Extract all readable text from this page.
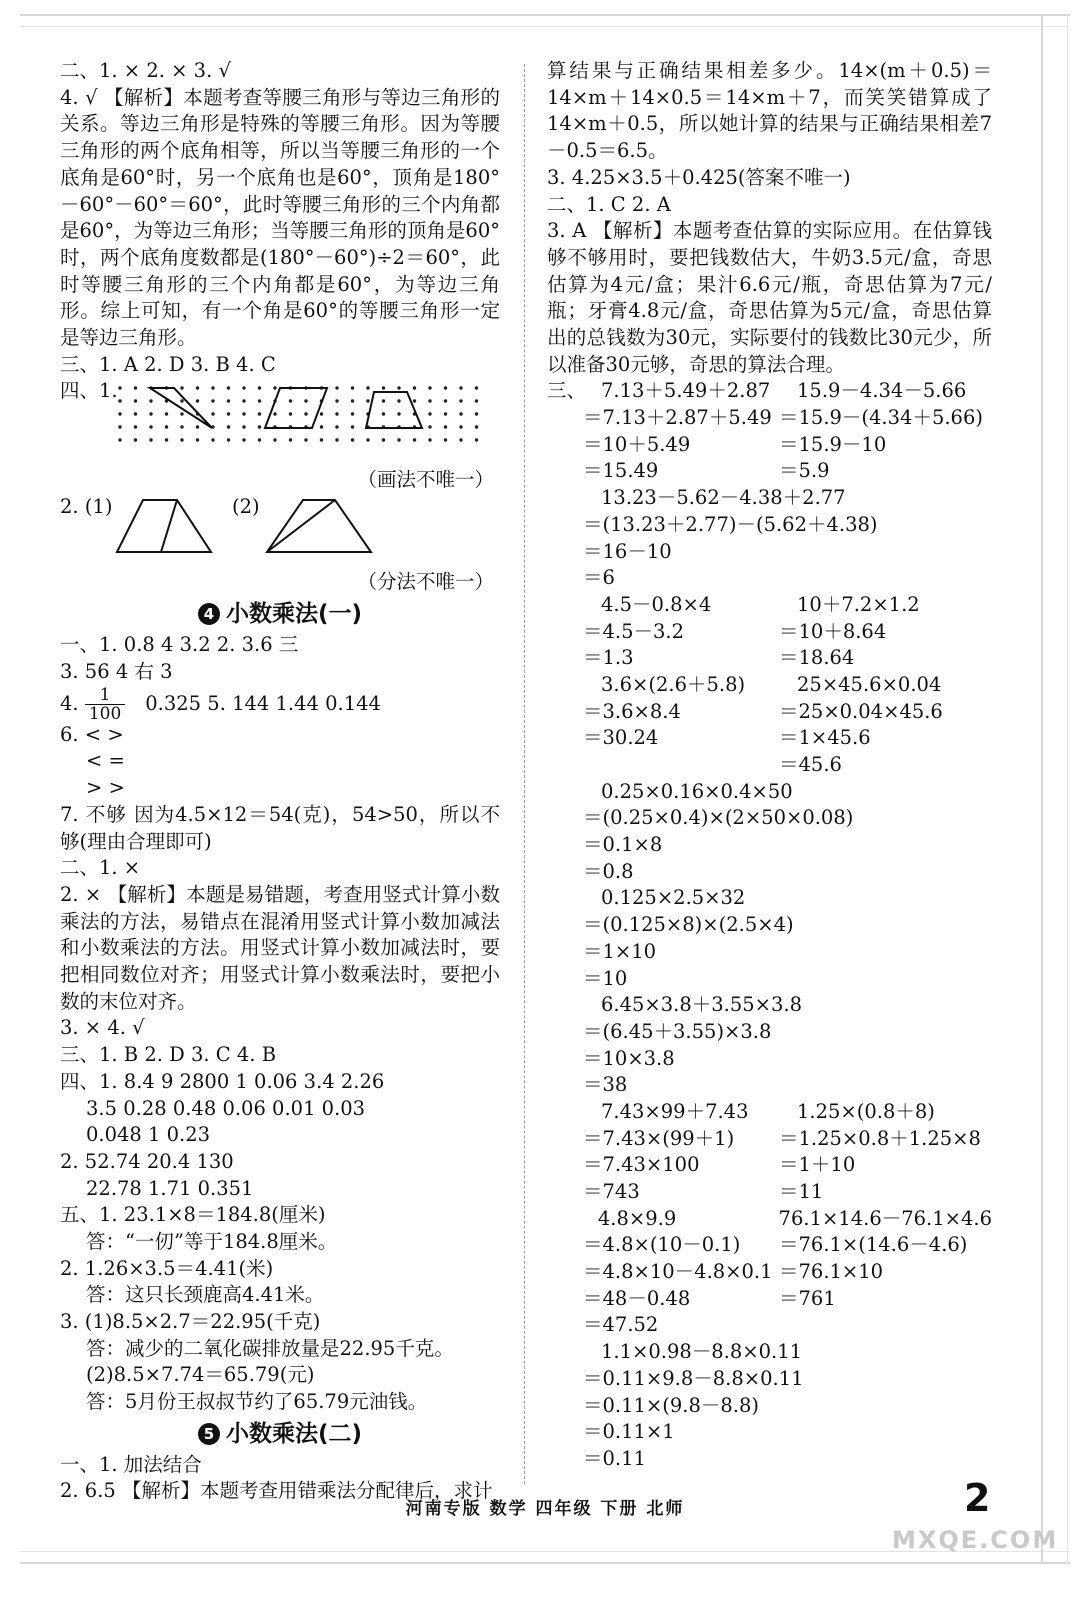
二、1. × 2. × 3. √
4. √ 【解析】本题考查等腰三角形与等边三角形的关系。等边三角形是特殊的等腰三角形。因为等腰三角形的两个底角相等，所以当等腰三角形的一个底角是60°时，另一个底角也是60°，顶角是180°－60°－60°＝60°，此时等腰三角形的三个内角都是60°，为等边三角形；当等腰三角形的顶角是60°时，两个底角度数都是(180°－60°)÷2＝60°，此时等腰三角形的三个内角都是60°，为等边三角形。综上可知，有一个角是60°的等腰三角形一定是等边三角形。
三、1. A 2. D 3. B 4. C
四、1.
（画法不唯一）
2. (1)	(2)
（分法不唯一）
4 小数乘法(一)
一、1. 0.8 4 3.2 2. 3.6 三
3. 56 4 右 3
4. $\frac{1}{100} 0.325$ 5. 144 1.44 0.144
6. < >
< =
> >
7. 不够 因为4.5×12＝54(克)，54>50，所以不够(理由合理即可)
二、1. ×
2. × 【解析】本题是易错题，考查用竖式计算小数乘法的方法，易错点在混淆用竖式计算小数加减法和小数乘法的方法。用竖式计算小数加减法时，要把相同数位对齐；用竖式计算小数乘法时，要把小数的末位对齐。
3. × 4. √
三、1. B 2. D 3. C 4. B
四、1. 8.4 9 2800 1 0.06 3.4 2.26
3.5 0.28 0.48 0.06 0.01 0.03
0.048 1 0.23
2. 52.74 20.4 130
22.78 1.71 0.351
五、1. 23.1×8＝184.8(厘米)
答：“一仞”等于184.8厘米。
2. 1.26×3.5＝4.41(米)
答：这只长颈鹿高4.41米。
3. (1)8.5×2.7＝22.95(千克)
答：减少的二氧化碳排放量是22.95千克。
(2)8.5×7.74＝65.79(元)
答：5月份王叔叔节约了65.79元油钱。
5 小数乘法(二)
一、1. 加法结合
2. 6.5 【解析】本题考查用错乘法分配律后，求计
算结果与正确结果相差多少。14×(m＋0.5)＝14×m＋14×0.5＝14×m＋7，而笑笑错算成了14×m＋0.5，所以她计算的结果与正确结果相差7－0.5＝6.5。
3. 4.25×3.5＋0.425(答案不唯一)
二、1. C 2. A
3. A 【解析】本题考查估算的实际应用。在估算钱够不够用时，要把钱数估大，牛奶3.5元/盒，奇思估算为4元/盒；果汁6.6元/瓶，奇思估算为7元/瓶；牙膏4.8元/盒，奇思估算为5元/盒，奇思估算出的总钱数为30元，实际要付的钱数比30元少，所以准备30元够，奇思的算法合理。
三、 7.13＋5.49＋2.87	15.9－4.34－5.66
＝7.13＋2.87＋5.49 ＝15.9－(4.34＋5.66)
＝10＋5.49	＝15.9－10
＝15.49	＝5.9
13.23－5.62－4.38＋2.77
＝(13.23＋2.77)－(5.62＋4.38)
＝16－10
＝6
4.5－0.8×4	10＋7.2×1.2
＝4.5－3.2	＝10＋8.64
＝1.3	＝18.64
3.6×(2.6＋5.8)	25×45.6×0.04
＝3.6×8.4	＝25×0.04×45.6
＝30.24	＝1×45.6
＝45.6
0.25×0.16×0.4×50
＝(0.25×0.4)×(2×50×0.08)
＝0.1×8
＝0.8
0.125×2.5×32
＝(0.125×8)×(2.5×4)
＝1×10
＝10
6.45×3.8＋3.55×3.8
＝(6.45＋3.55)×3.8
＝10×3.8
＝38
7.43×99＋7.43	1.25×(0.8＋8)
＝7.43×(99＋1)	＝1.25×0.8＋1.25×8
＝7.43×100	＝1＋10
＝743	＝11
4.8×9.9	76.1×14.6－76.1×4.6
＝4.8×(10－0.1)	＝76.1×(14.6－4.6)
＝4.8×10－4.8×0.1 ＝76.1×10
＝48－0.48	＝761
＝47.52
1.1×0.98－8.8×0.11
＝0.11×9.8－8.8×0.11
＝0.11×(9.8－8.8)
＝0.11×1
＝0.11
河南专版 数学 四年级 下册 北师	2
MXQE.COM
